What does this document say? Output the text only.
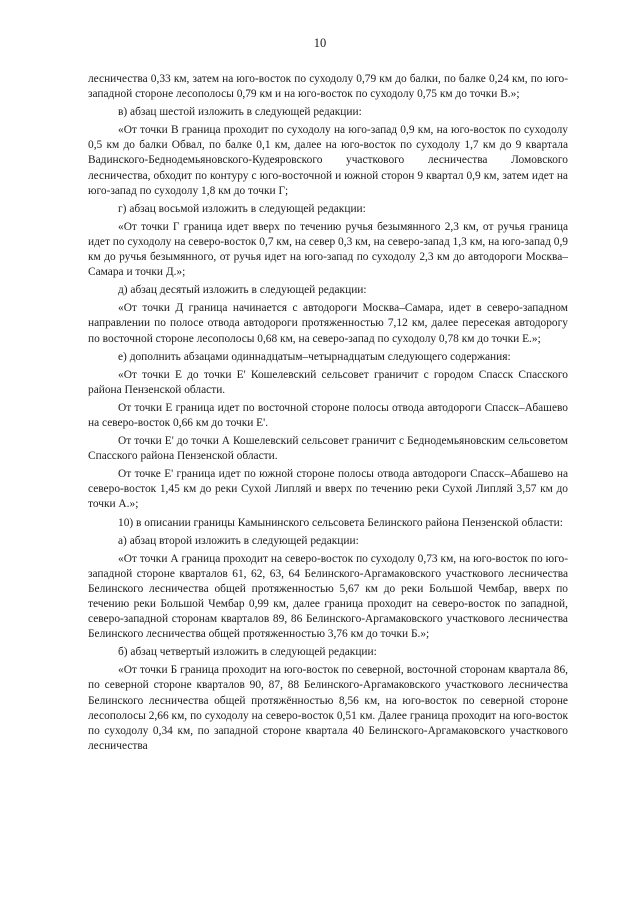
10

лесничества 0,33 км, затем на юго-восток по суходолу 0,79 км до балки, по балке 0,24 км, по юго-западной стороне лесополосы 0,79 км и на юго-восток по суходолу 0,75 км до точки В.»;

в) абзац шестой изложить в следующей редакции:

«От точки В граница проходит по суходолу на юго-запад 0,9 км, на юго-восток по суходолу 0,5 км до балки Обвал, по балке 0,1 км, далее на юго-восток по суходолу 1,7 км до 9 квартала Вадинского-Беднодемьяновского-Кудеяровского участкового лесничества Ломовского лесничества, обходит по контуру с юго-восточной и южной сторон 9 квартал 0,9 км, затем идет на юго-запад по суходолу 1,8 км до точки Г;

г) абзац восьмой изложить в следующей редакции:

«От точки Г граница идет вверх по течению ручья безымянного 2,3 км, от ручья граница идет по суходолу на северо-восток 0,7 км, на север 0,3 км, на северо-запад 1,3 км, на юго-запад 0,9 км до ручья безымянного, от ручья идет на юго-запад по суходолу 2,3 км до автодороги Москва–Самара и точки Д.»;

д) абзац десятый изложить в следующей редакции:

«От точки Д граница начинается с автодороги Москва–Самара, идет в северо-западном направлении по полосе отвода автодороги протяженностью 7,12 км, далее пересекая автодорогу по восточной стороне лесополосы 0,68 км, на северо-запад по суходолу 0,78 км до точки Е.»;

е) дополнить абзацами одиннадцатым–четырнадцатым следующего содержания:

«От точки Е до точки Е' Кошелевский сельсовет граничит с городом Спасск Спасского района Пензенской области.

От точки Е граница идет по восточной стороне полосы отвода автодороги Спасск–Абашево на северо-восток 0,66 км до точки Е'.

От точки Е' до точки А Кошелевский сельсовет граничит с Беднодемьяновским сельсоветом Спасского района Пензенской области.

От точке Е' граница идет по южной стороне полосы отвода автодороги Спасск–Абашево на северо-восток 1,45 км до реки Сухой Липляй и вверх по течению реки Сухой Липляй 3,57 км до точки А.»;

10) в описании границы Камынинского сельсовета Белинского района Пензенской области:

а) абзац второй изложить в следующей редакции:

«От точки А граница проходит на северо-восток по суходолу 0,73 км, на юго-восток по юго-западной стороне кварталов 61, 62, 63, 64 Белинского-Аргамаковского участкового лесничества Белинского лесничества общей протяженностью 5,67 км до реки Большой Чембар, вверх по течению реки Большой Чембар 0,99 км, далее граница проходит на северо-восток по западной, северо-западной сторонам кварталов 89, 86 Белинского-Аргамаковского участкового лесничества Белинского лесничества общей протяженностью 3,76 км до точки Б.»;

б) абзац четвертый изложить в следующей редакции:

«От точки Б граница проходит на юго-восток по северной, восточной сторонам квартала 86, по северной стороне кварталов 90, 87, 88 Белинского-Аргамаковского участкового лесничества Белинского лесничества общей протяжённостью 8,56 км, на юго-восток по северной стороне лесополосы 2,66 км, по суходолу на северо-восток 0,51 км. Далее граница проходит на юго-восток по суходолу 0,34 км, по западной стороне квартала 40 Белинского-Аргамаковского участкового лесничества
